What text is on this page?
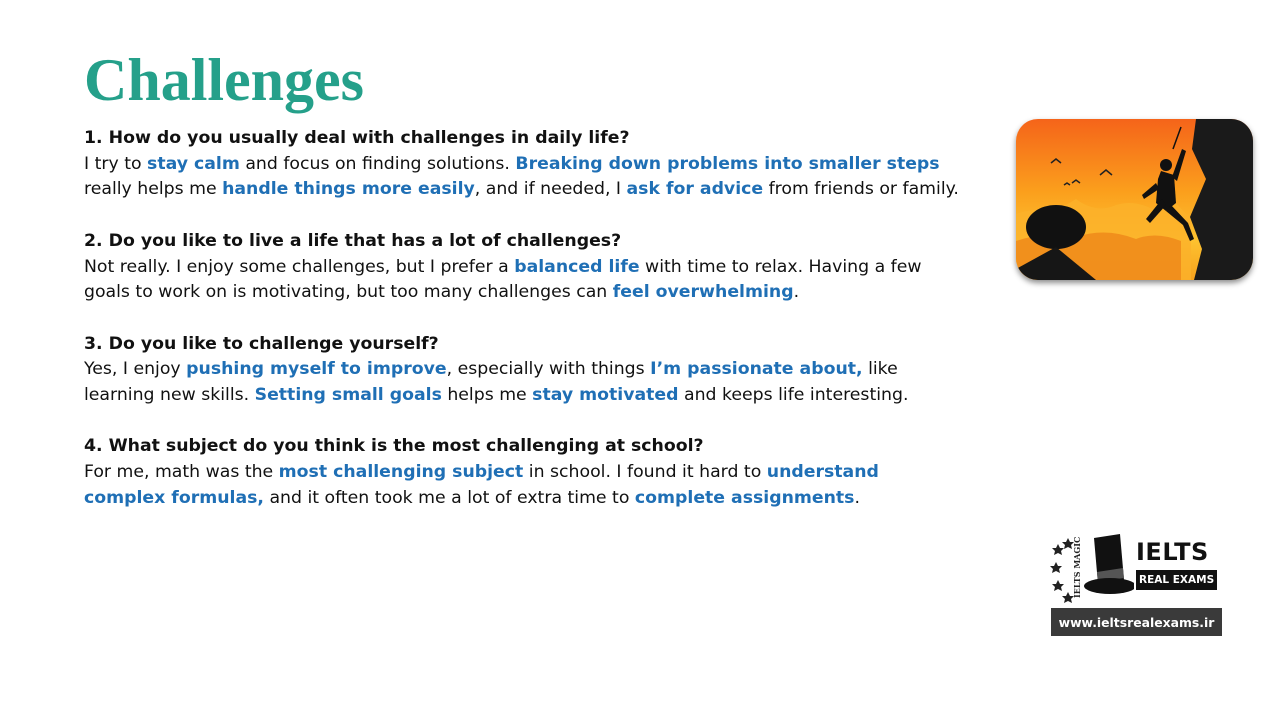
Challenges

1. How do you usually deal with challenges in daily life?

I try to stay calm and focus on finding solutions. Breaking down problems into smaller steps
really helps me handle things more easily, and if needed, I ask for advice from friends or family.

2. Do you like to live a life that has a lot of challenges?

Not really. I enjoy some challenges, but I prefer a balanced life with time to relax. Having a few
goals to work on is motivating, but too many challenges can feel overwhelming.

3. Do you like to challenge yourself?

Yes, I enjoy pushing myself to improve, especially with things I’m passionate about, like
learning new skills. Setting small goals helps me stay motivated and keeps life interesting.

4. What subject do you think is the most challenging at school?

For me, math was the most challenging subject in school. I found it hard to understand
complex formulas, and it often took me a lot of extra time to complete assignments.

IELTS MAGIC IELTS
REAL EXAMS
www.ieltsrealexams.ir
